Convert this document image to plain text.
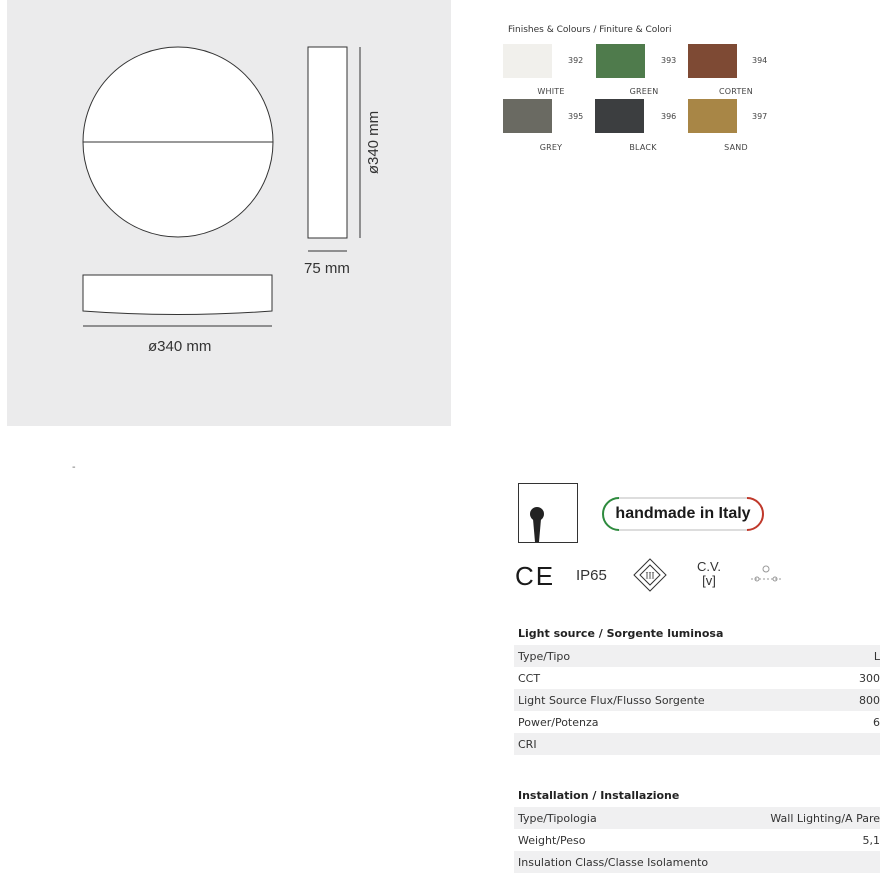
ø340 mm
75 mm
ø340 mm
-
Finishes & Colours / Finiture & Colori
392
WHITE
393
GREEN
394
CORTEN
395
GREY
396
BLACK
397
SAND
handmade in Italy
CE IP65	III
C.V.
[v]
Light source / Sorgente luminosa
Type/Tipo	L
CCT	300
Light Source Flux/Flusso Sorgente	800
Power/Potenza	6
CRI
Installation / Installazione
Type/Tipologia	Wall Lighting/A Pare
Weight/Peso	5,1
Insulation Class/Classe Isolamento
